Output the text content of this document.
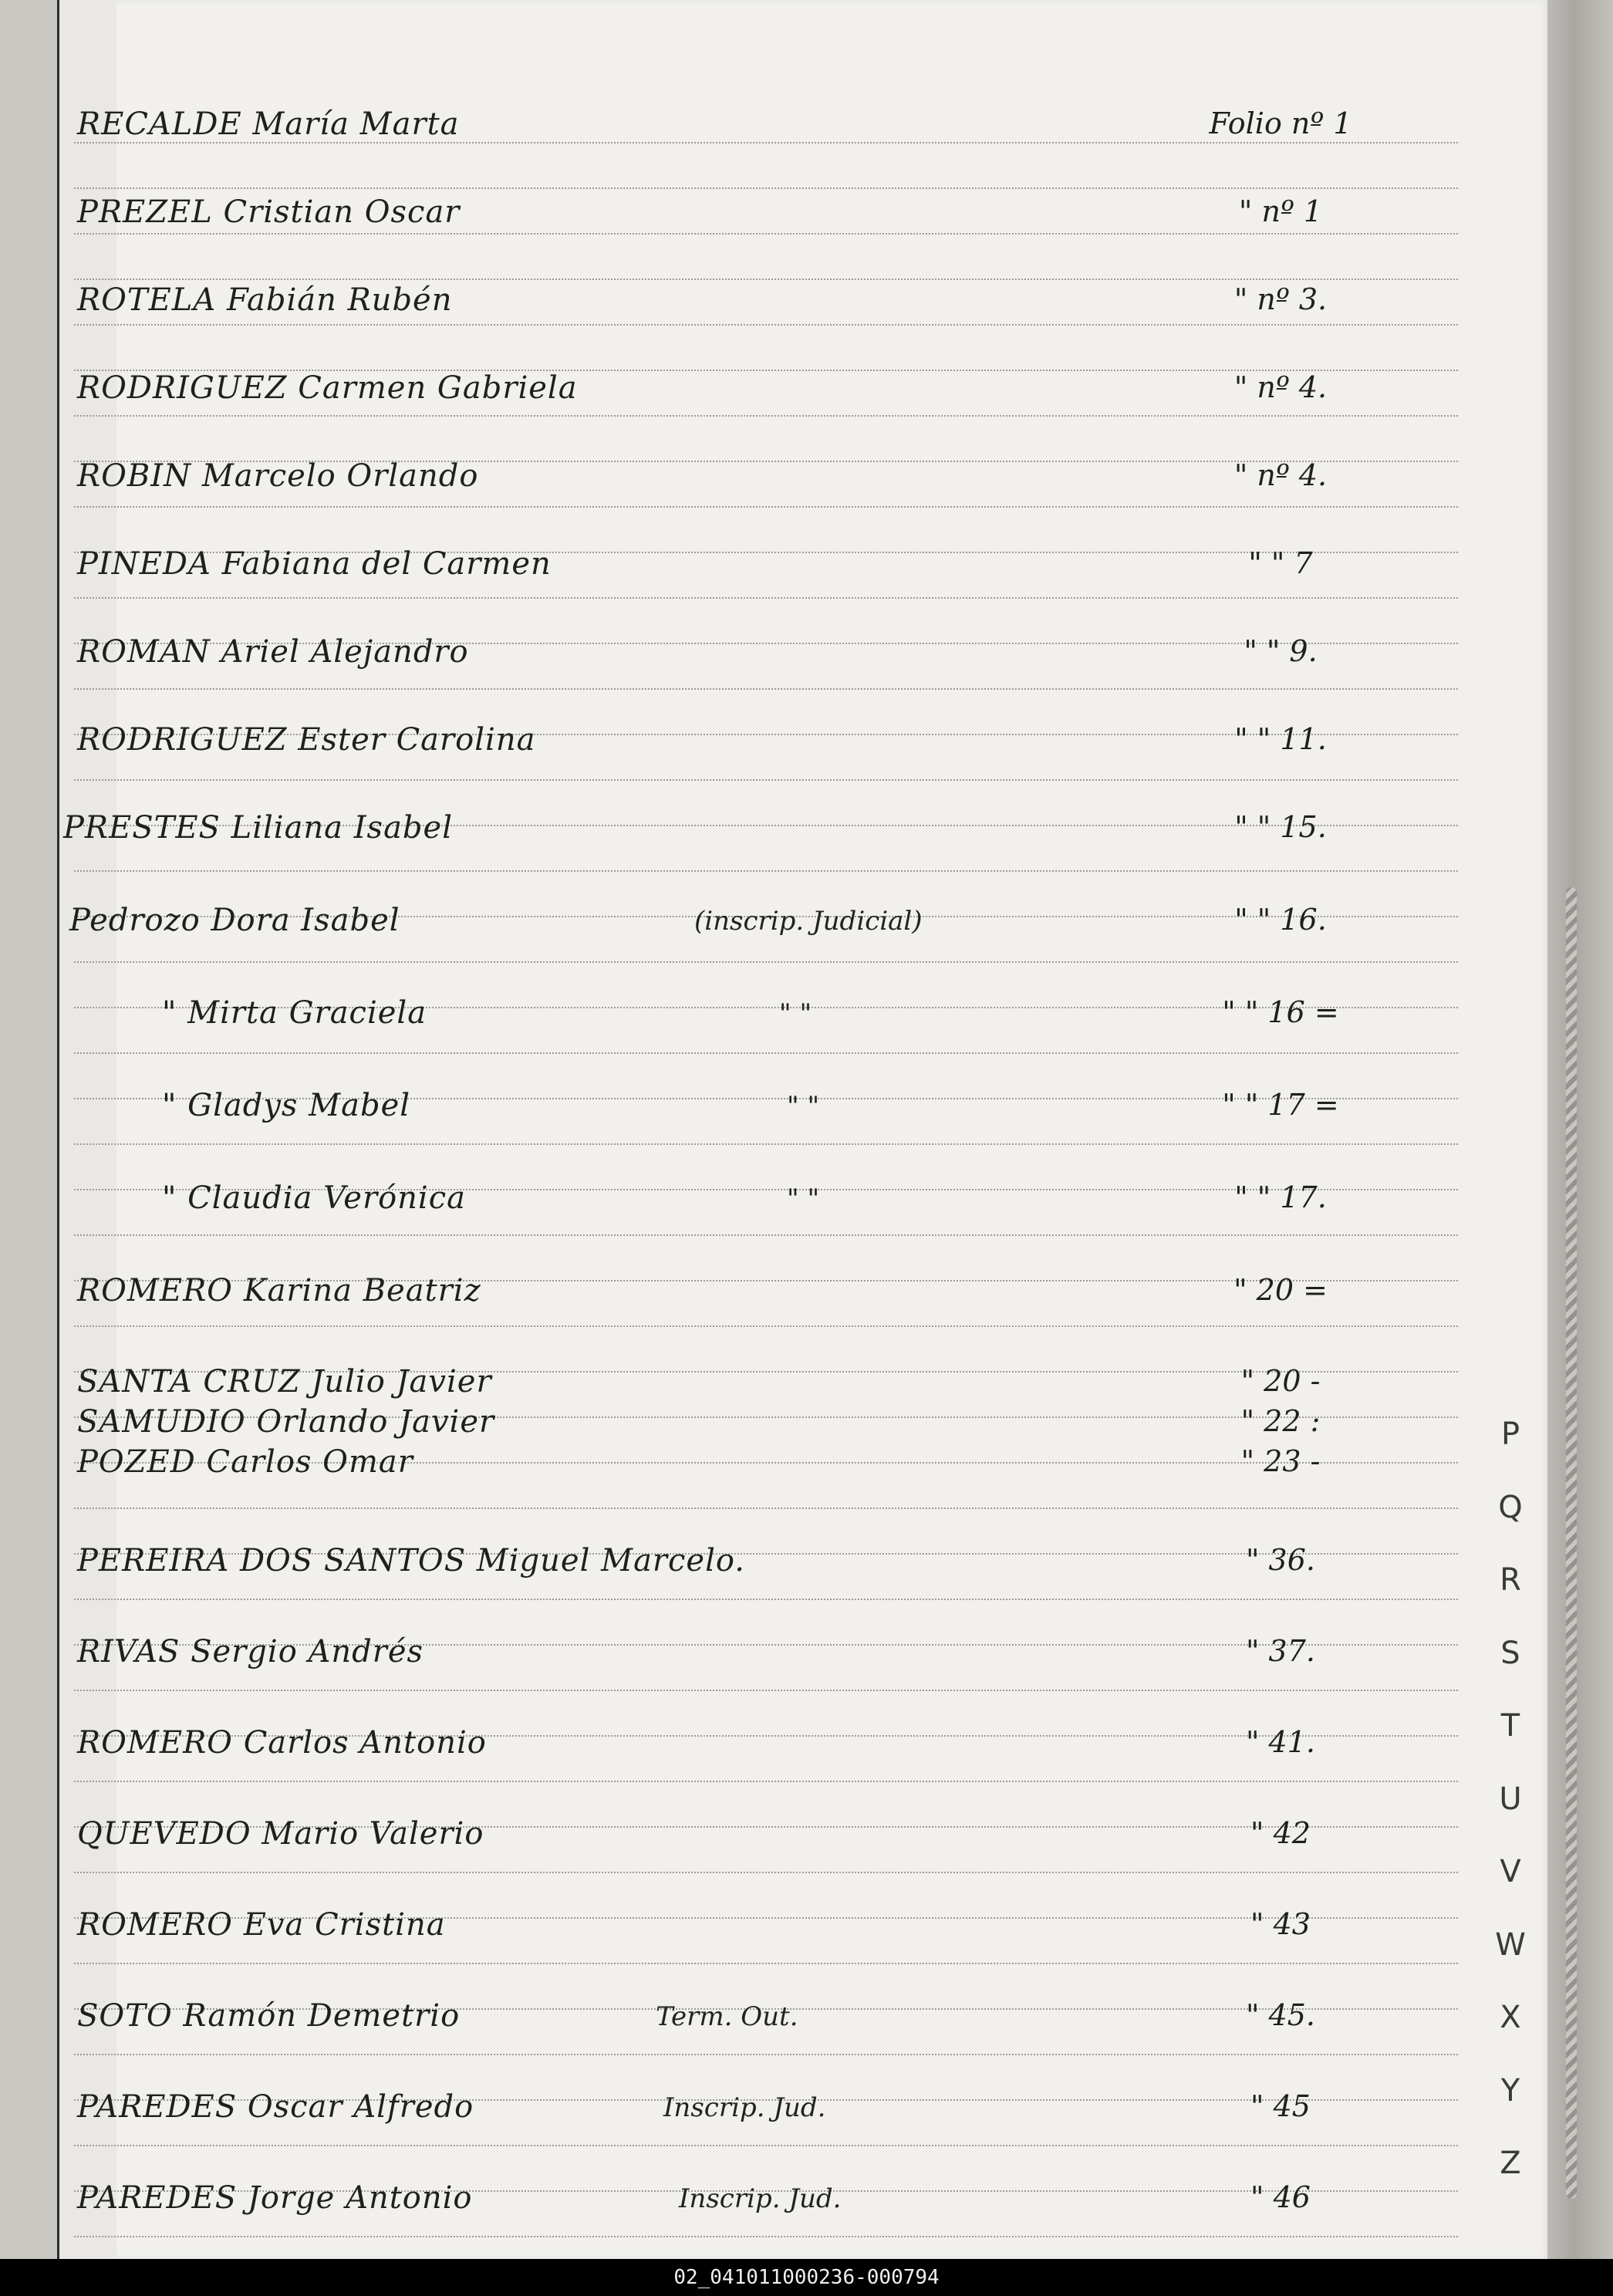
RECALDE María Marta	Folio nº 1
PREZEL Cristian Oscar	" nº 1
ROTELA Fabián Rubén	" nº 3.
RODRIGUEZ Carmen Gabriela	" nº 4.
ROBIN Marcelo Orlando	" nº 4.
PINEDA Fabiana del Carmen	" " 7
ROMAN Ariel Alejandro	" " 9.
RODRIGUEZ Ester Carolina	" " 11.
PRESTES Liliana Isabel	" " 15.
Pedrozo Dora Isabel	(inscrip. Judicial)	" " 16.
" Mirta Graciela	" "	" " 16 =
" Gladys Mabel	" "	" " 17 =
" Claudia Verónica	" "	" " 17.
ROMERO Karina Beatriz	" 20 =
SANTA CRUZ Julio Javier	" 20 -
SAMUDIO Orlando Javier	" 22 :
POZED Carlos Omar	" 23 -
PEREIRA DOS SANTOS Miguel Marcelo.	" 36.
RIVAS Sergio Andrés	" 37.
ROMERO Carlos Antonio	" 41.
QUEVEDO Mario Valerio	" 42
ROMERO Eva Cristina	" 43
SOTO Ramón Demetrio	Term. Out.	" 45.
PAREDES Oscar Alfredo	Inscrip. Jud.	" 45
PAREDES Jorge Antonio	Inscrip. Jud.	" 46
P
Q
R
S
T
U
V
W
X
Y
Z
02_041011000236-000794
